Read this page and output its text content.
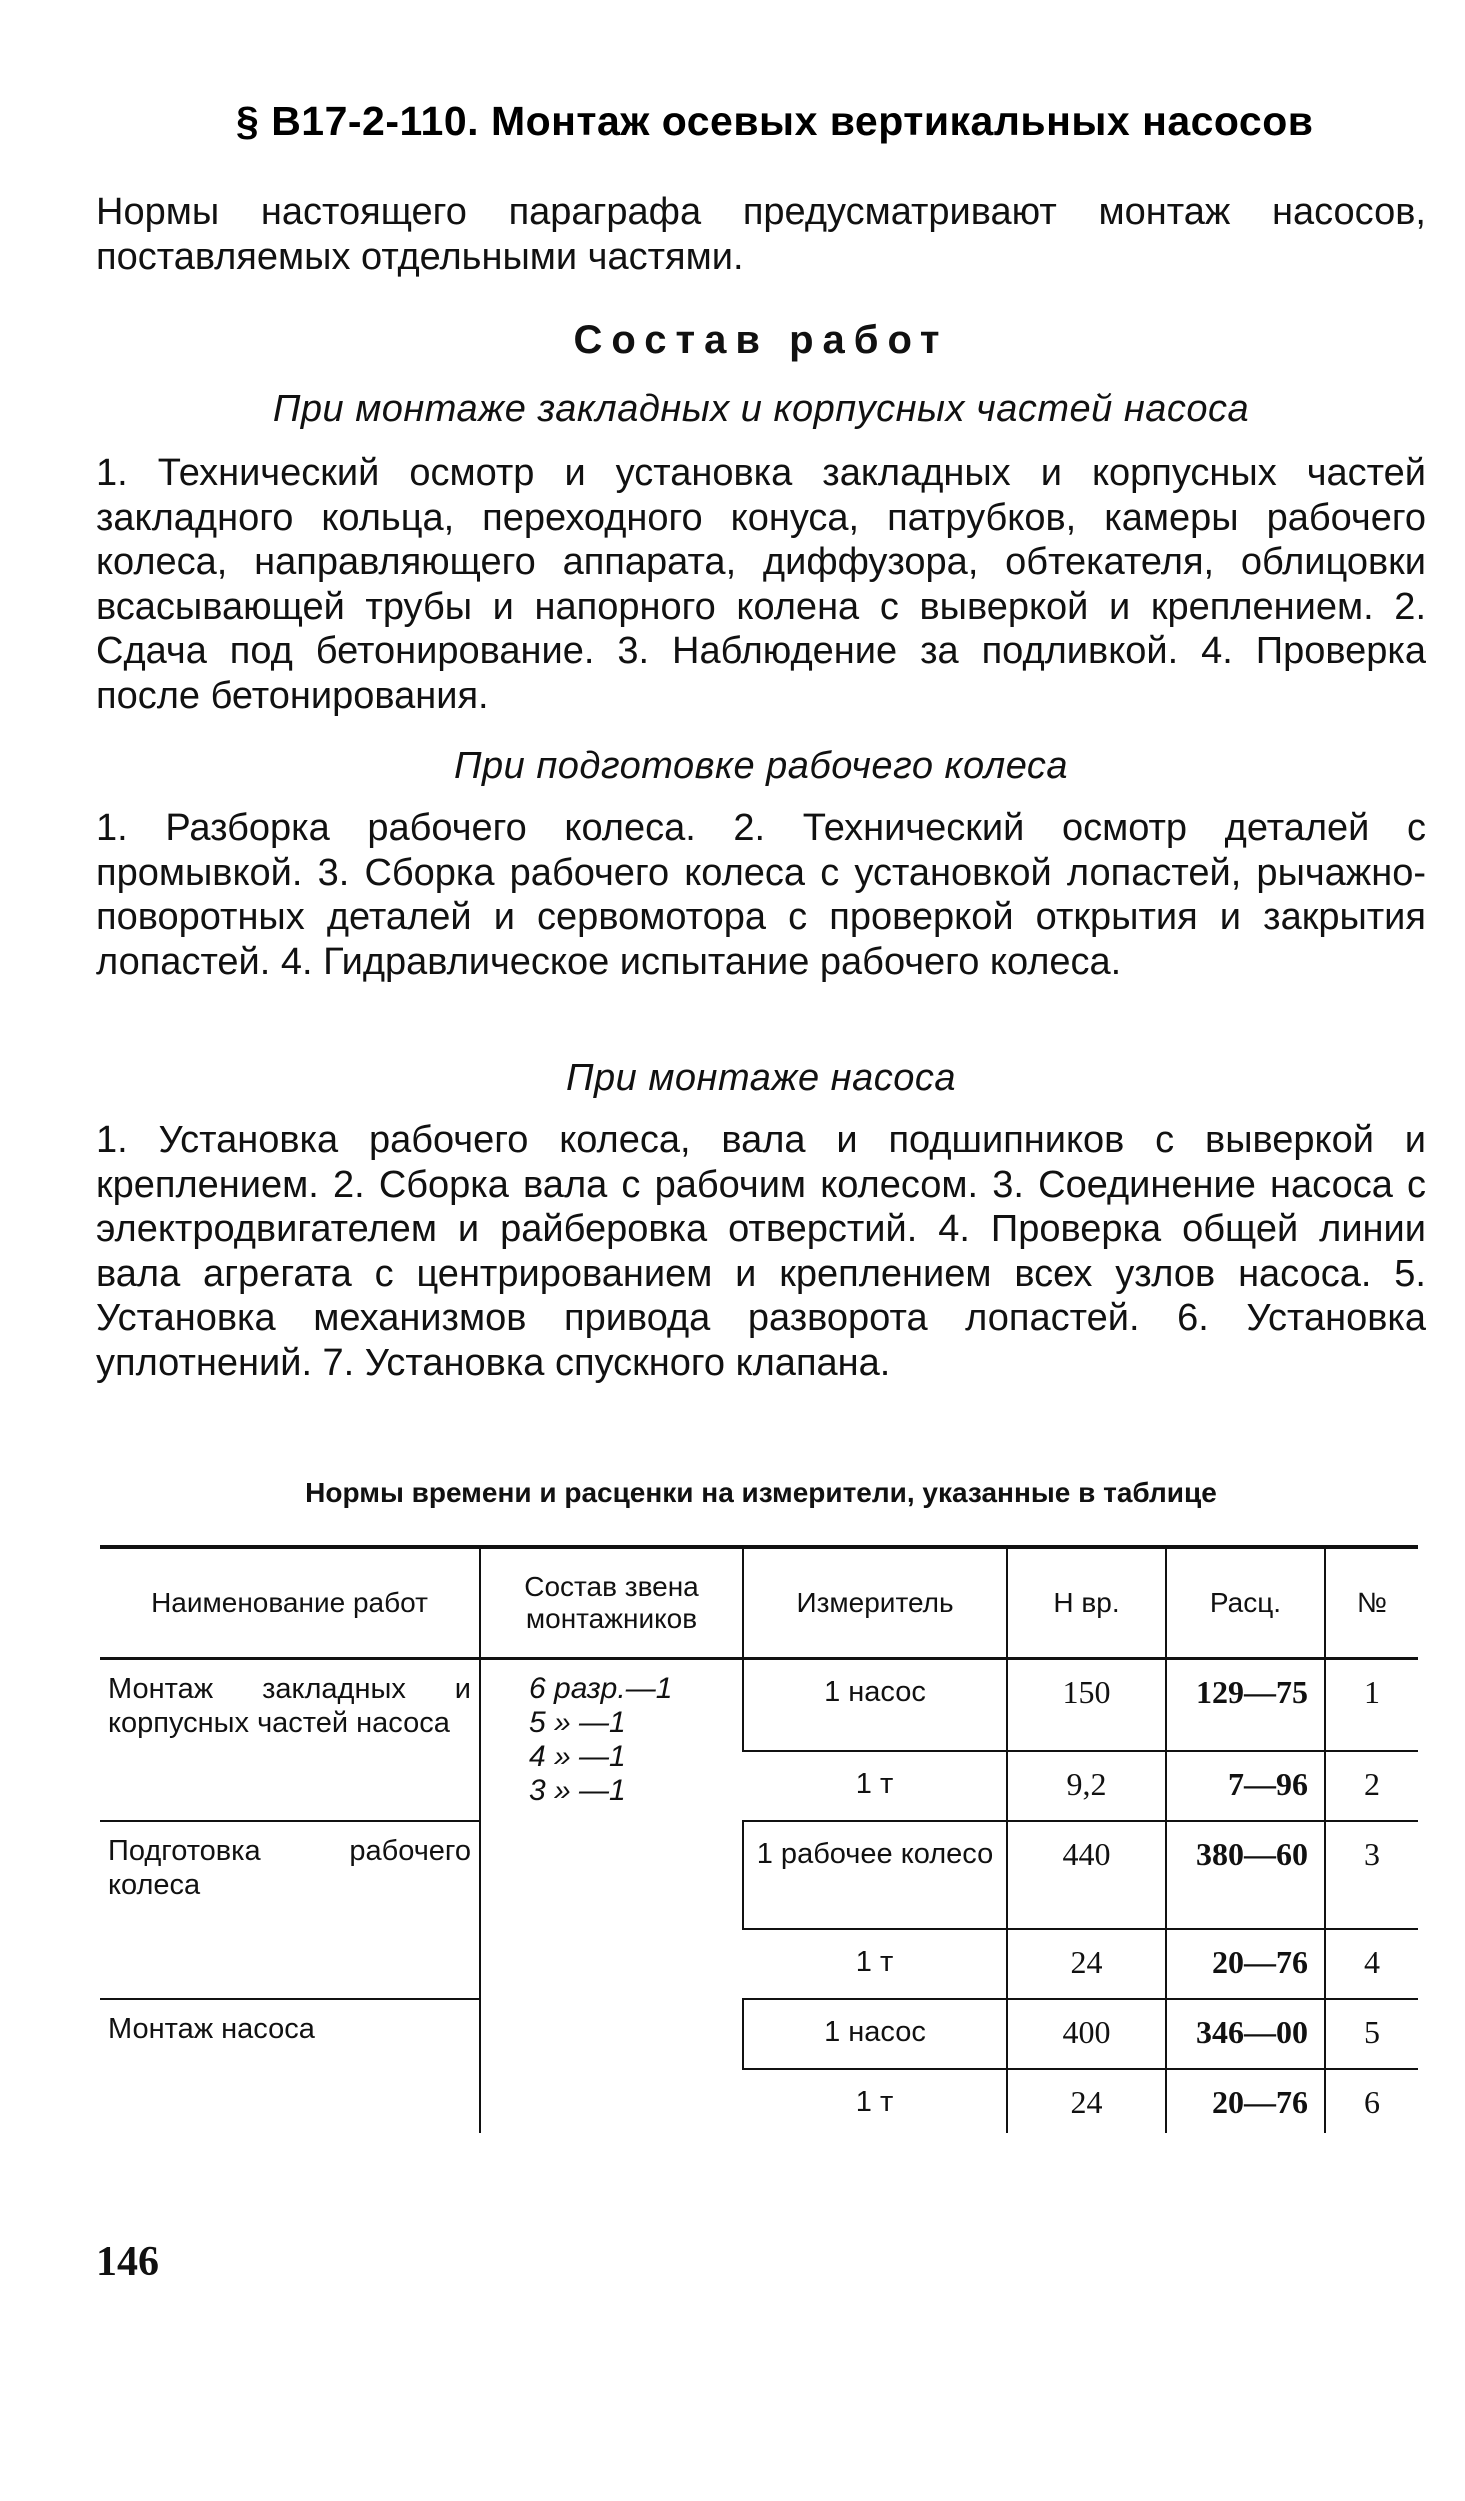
§ В17-2-110. Монтаж осевых вертикальных насосов
Нормы настоящего параграфа предусматривают монтаж насосов, поставляемых отдельными частями.
Состав работ
При монтаже закладных и корпусных частей насоса
1. Технический осмотр и установка закладных и корпусных частей закладного кольца, переходного конуса, патрубков, камеры рабочего колеса, направляющего аппарата, диффузора, обтекателя, облицовки всасывающей трубы и напорного колена с выверкой и креплением. 2. Сдача под бетонирование. 3. Наблюдение за подливкой. 4. Проверка после бетонирования.
При подготовке рабочего колеса
1. Разборка рабочего колеса. 2. Технический осмотр деталей с промывкой. 3. Сборка рабочего колеса с установкой лопастей, рычажно-поворотных деталей и сервомотора с проверкой открытия и закрытия лопастей. 4. Гидравлическое испытание рабочего колеса.
При монтаже насоса
1. Установка рабочего колеса, вала и подшипников с выверкой и креплением. 2. Сборка вала с рабочим колесом. 3. Соединение насоса с электродвигателем и райберовка отверстий. 4. Проверка общей линии вала агрегата с центрированием и креплением всех узлов насоса. 5. Установка механизмов привода разворота лопастей. 6. Установка уплотнений. 7. Установка спускного клапана.
Нормы времени и расценки на измерители, указанные в таблице
Наименование работ	Состав звена монтажников	Измеритель	Н вр.	Расц.	№
Монтаж закладных и корпусных частей насоса	6 разр.—1
5 » —1
4 » —1
3 » —1	1 насос	150	129—75	1
		1 т	9,2	7—96	2
Подготовка рабочего колеса		1 рабочее колесо	440	380—60	3
		1 т	24	20—76	4
Монтаж насоса		1 насос	400	346—00	5
		1 т	24	20—76	6
146
